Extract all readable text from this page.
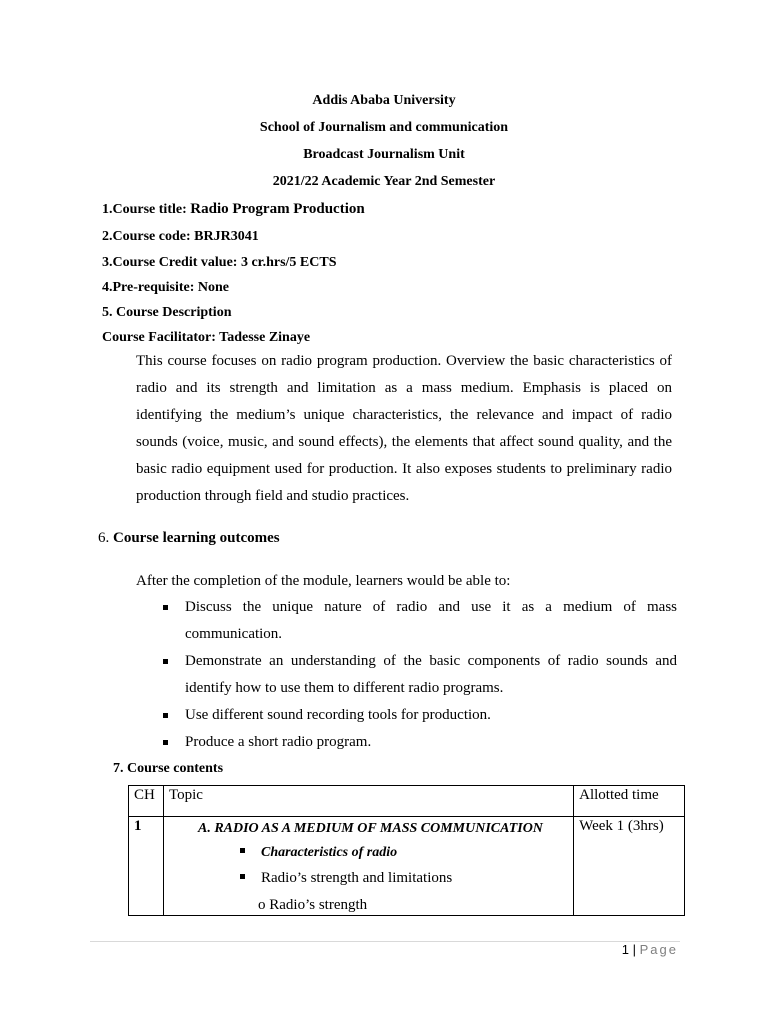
Addis Ababa University
School of Journalism and communication
Broadcast Journalism Unit
2021/22 Academic Year 2nd Semester
1.Course title: Radio Program Production
2.Course code: BRJR3041
3.Course Credit value: 3 cr.hrs/5 ECTS
4.Pre-requisite: None
5. Course Description
Course Facilitator: Tadesse Zinaye
This course focuses on radio program production. Overview the basic characteristics of
radio and its strength and limitation as a mass medium. Emphasis is placed on
identifying the medium’s unique characteristics, the relevance and impact of radio
sounds (voice, music, and sound effects), the elements that affect sound quality, and the
basic radio equipment used for production. It also exposes students to preliminary radio
production through field and studio practices.
6. Course learning outcomes
After the completion of the module, learners would be able to:
Discuss the unique nature of radio and use it as a medium of mass
communication.
Demonstrate an understanding of the basic components of radio sounds and
identify how to use them to different radio programs.
Use different sound recording tools for production.
Produce a short radio program.
7. Course contents
CH	Topic	Allotted time
1	A. RADIO AS A MEDIUM OF MASS COMMUNICATION
Characteristics of radio
Radio’s strength and limitations
o Radio’s strength	Week 1 (3hrs)
1 | Page
